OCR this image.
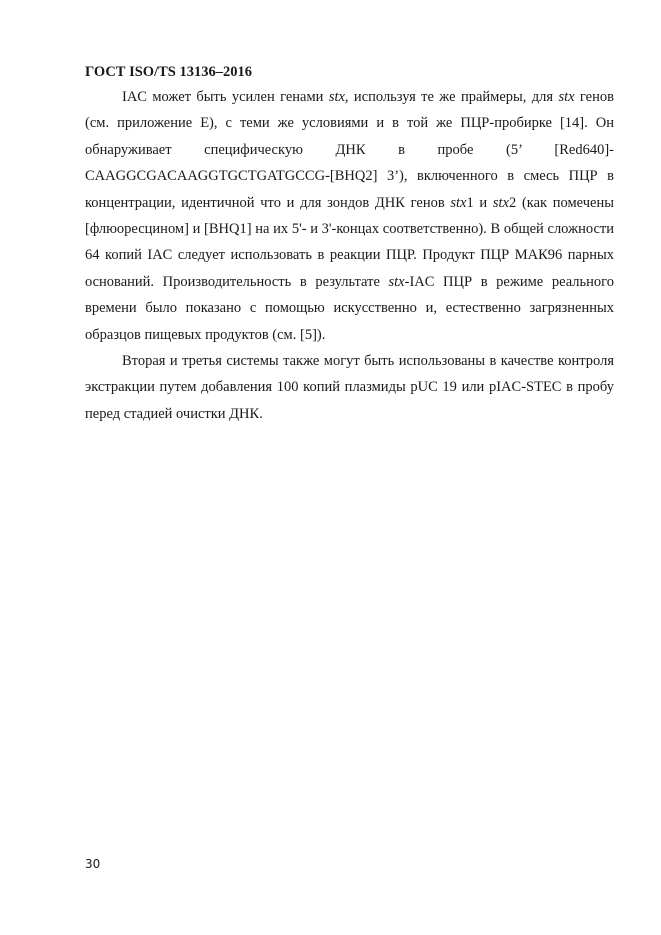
ГОСТ ISO/TS 13136–2016

IAC может быть усилен генами stx, используя те же праймеры, для stx генов (см. приложение Е), с теми же условиями и в той же ПЦР-пробирке [14]. Он обнаруживает специфическую ДНК в пробе (5’ [Red640]-CAAGGCGACAAGGTGCTGATGCCG-[BHQ2] 3’), включенного в смесь ПЦР в концентрации, идентичной что и для зондов ДНК генов stx1 и stx2 (как помечены [флюоресцином] и [BHQ1] на их 5'- и 3'-концах соответственно). В общей сложности 64 копий IAC следует использовать в реакции ПЦР. Продукт ПЦР МАК96 парных оснований. Производительность в результате stx-IAC ПЦР в режиме реального времени было показано с помощью искусственно и, естественно загрязненных образцов пищевых продуктов (см. [5]).

Вторая и третья системы также могут быть использованы в качестве контроля экстракции путем добавления 100 копий плазмиды pUC 19 или pIAC-STEC в пробу перед стадией очистки ДНК.

30
